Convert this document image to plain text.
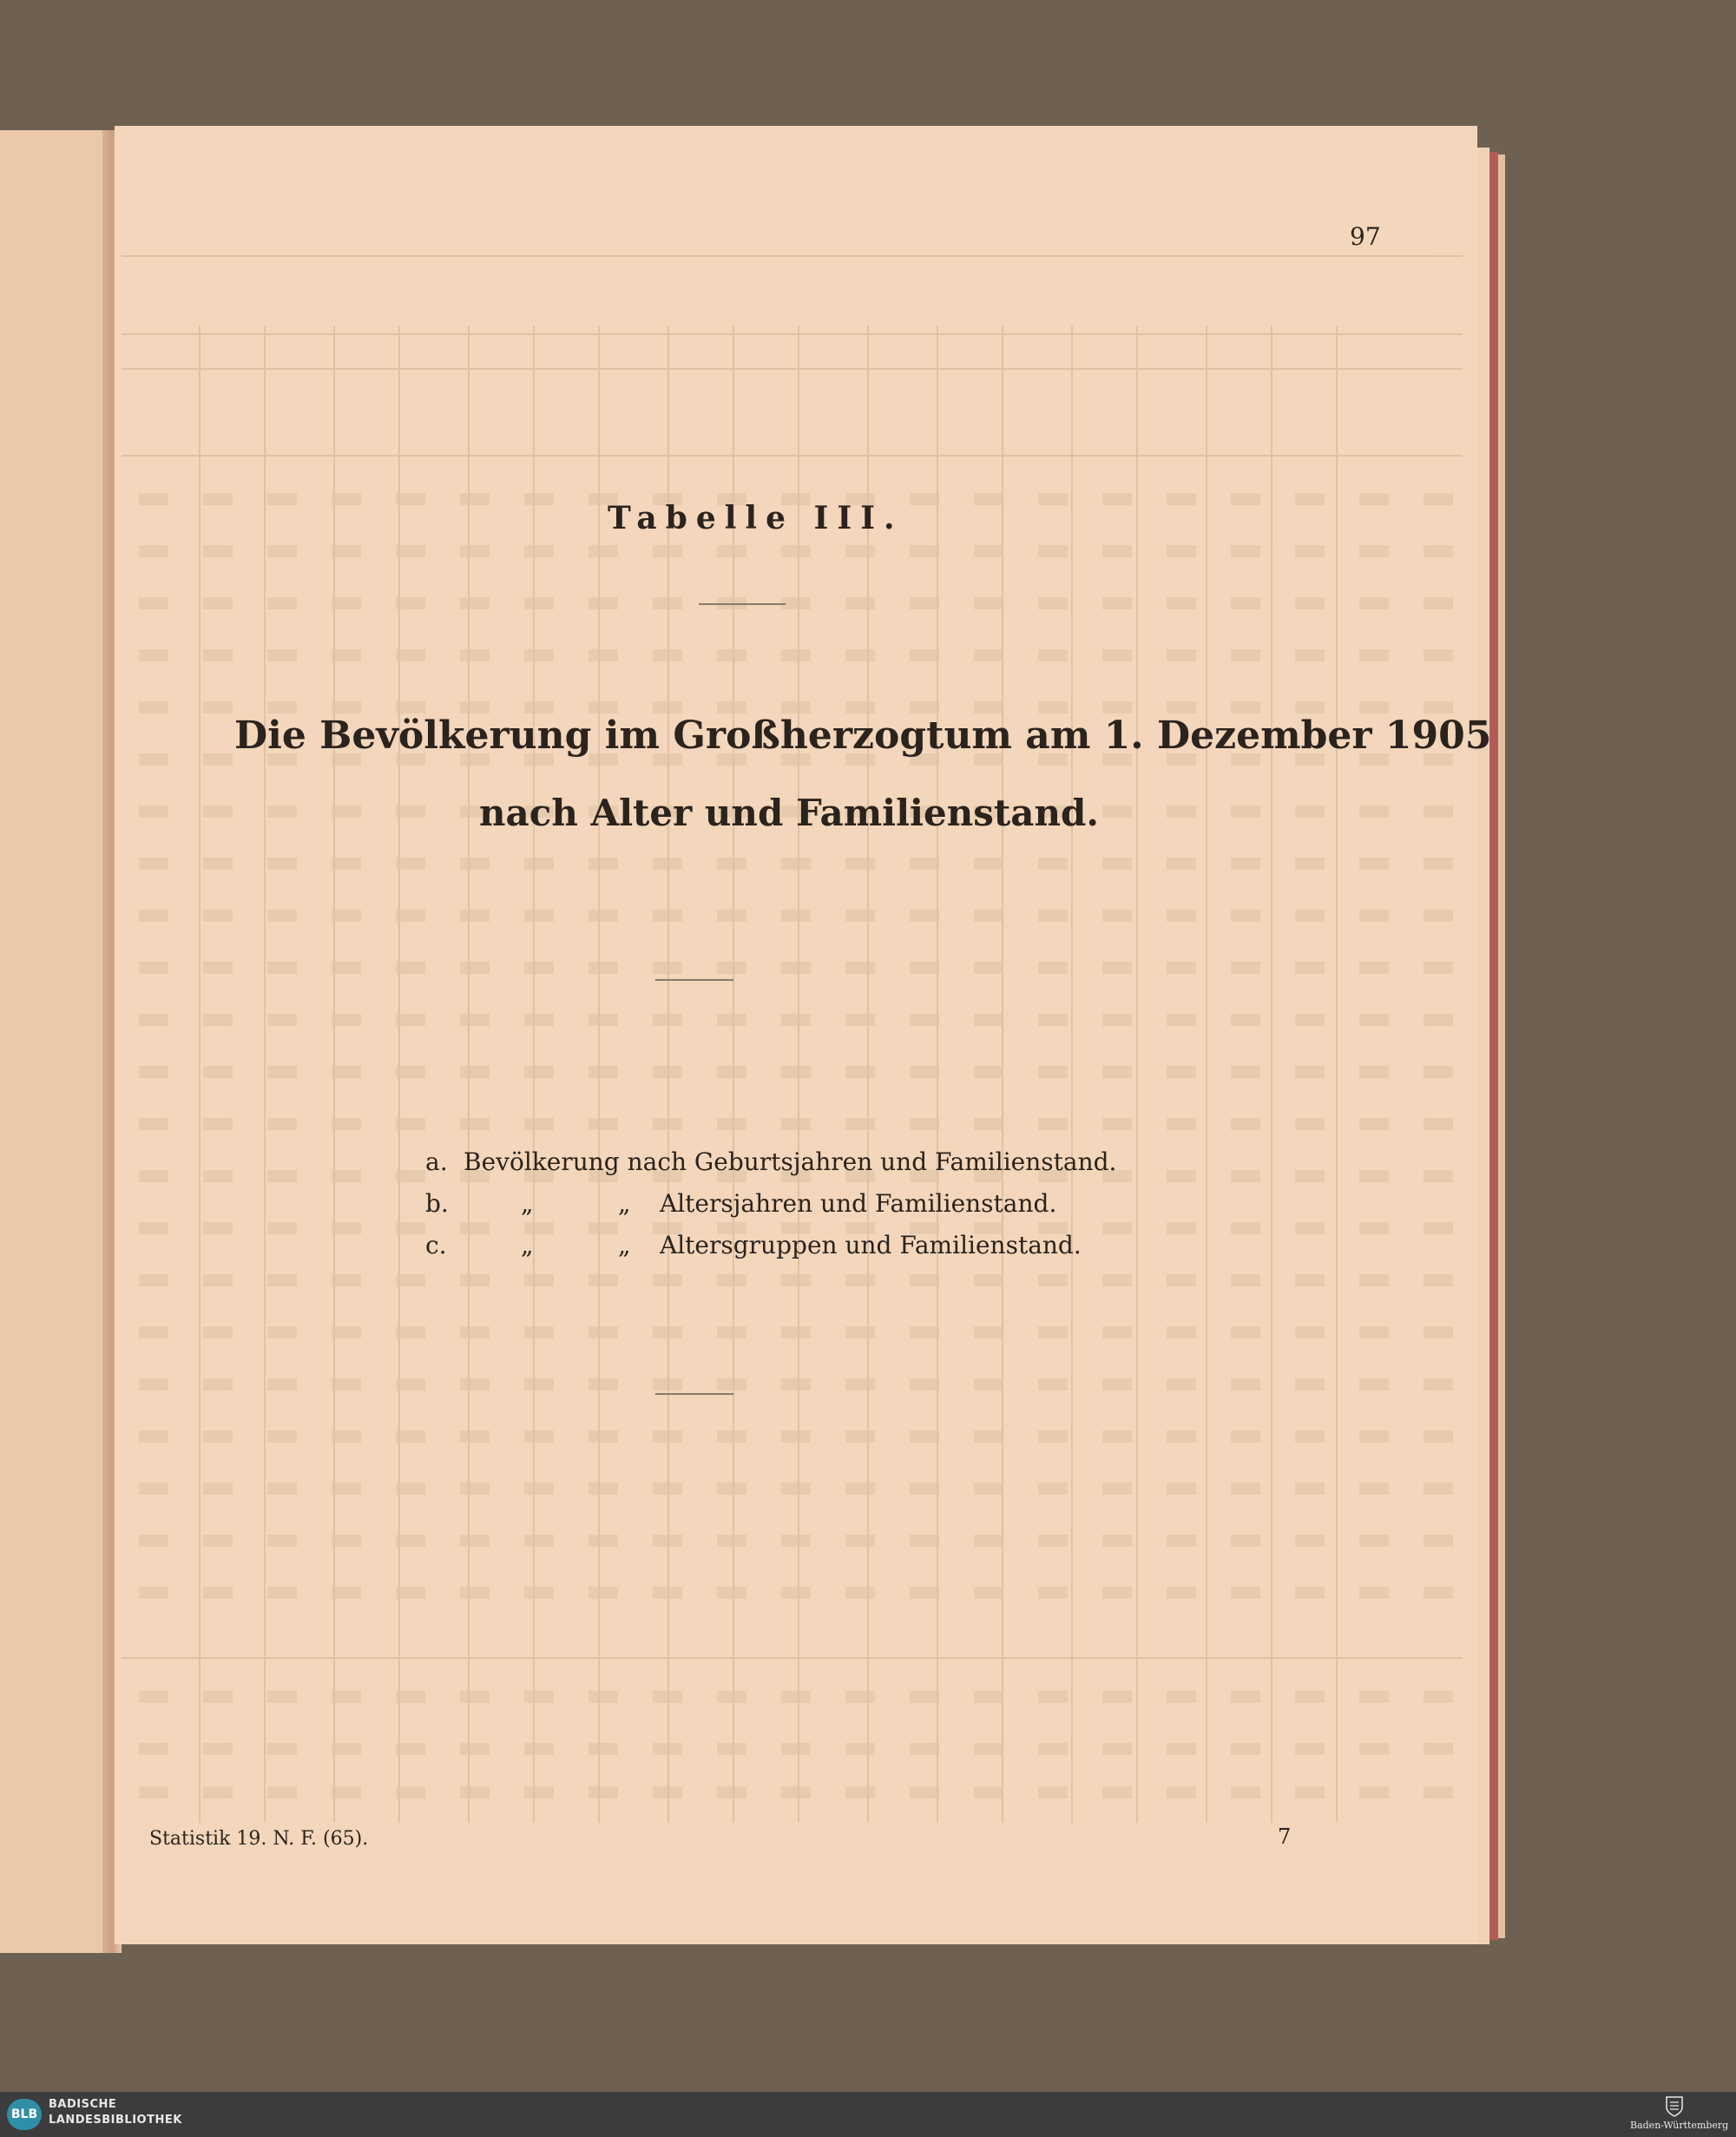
97
Tabelle III.
Die Bevölkerung im Großherzogtum am 1. Dezember 1905
nach Alter und Familienstand.
a. Bevölkerung nach Geburtsjahren und Familienstand.
b.	„	„ Altersjahren und Familienstand.
c.	„	„ Altersgruppen und Familienstand.
Statistik 19. N. F. (65).	7
BLB
BADISCHE
LANDESBIBLIOTHEK	Baden-Württemberg
